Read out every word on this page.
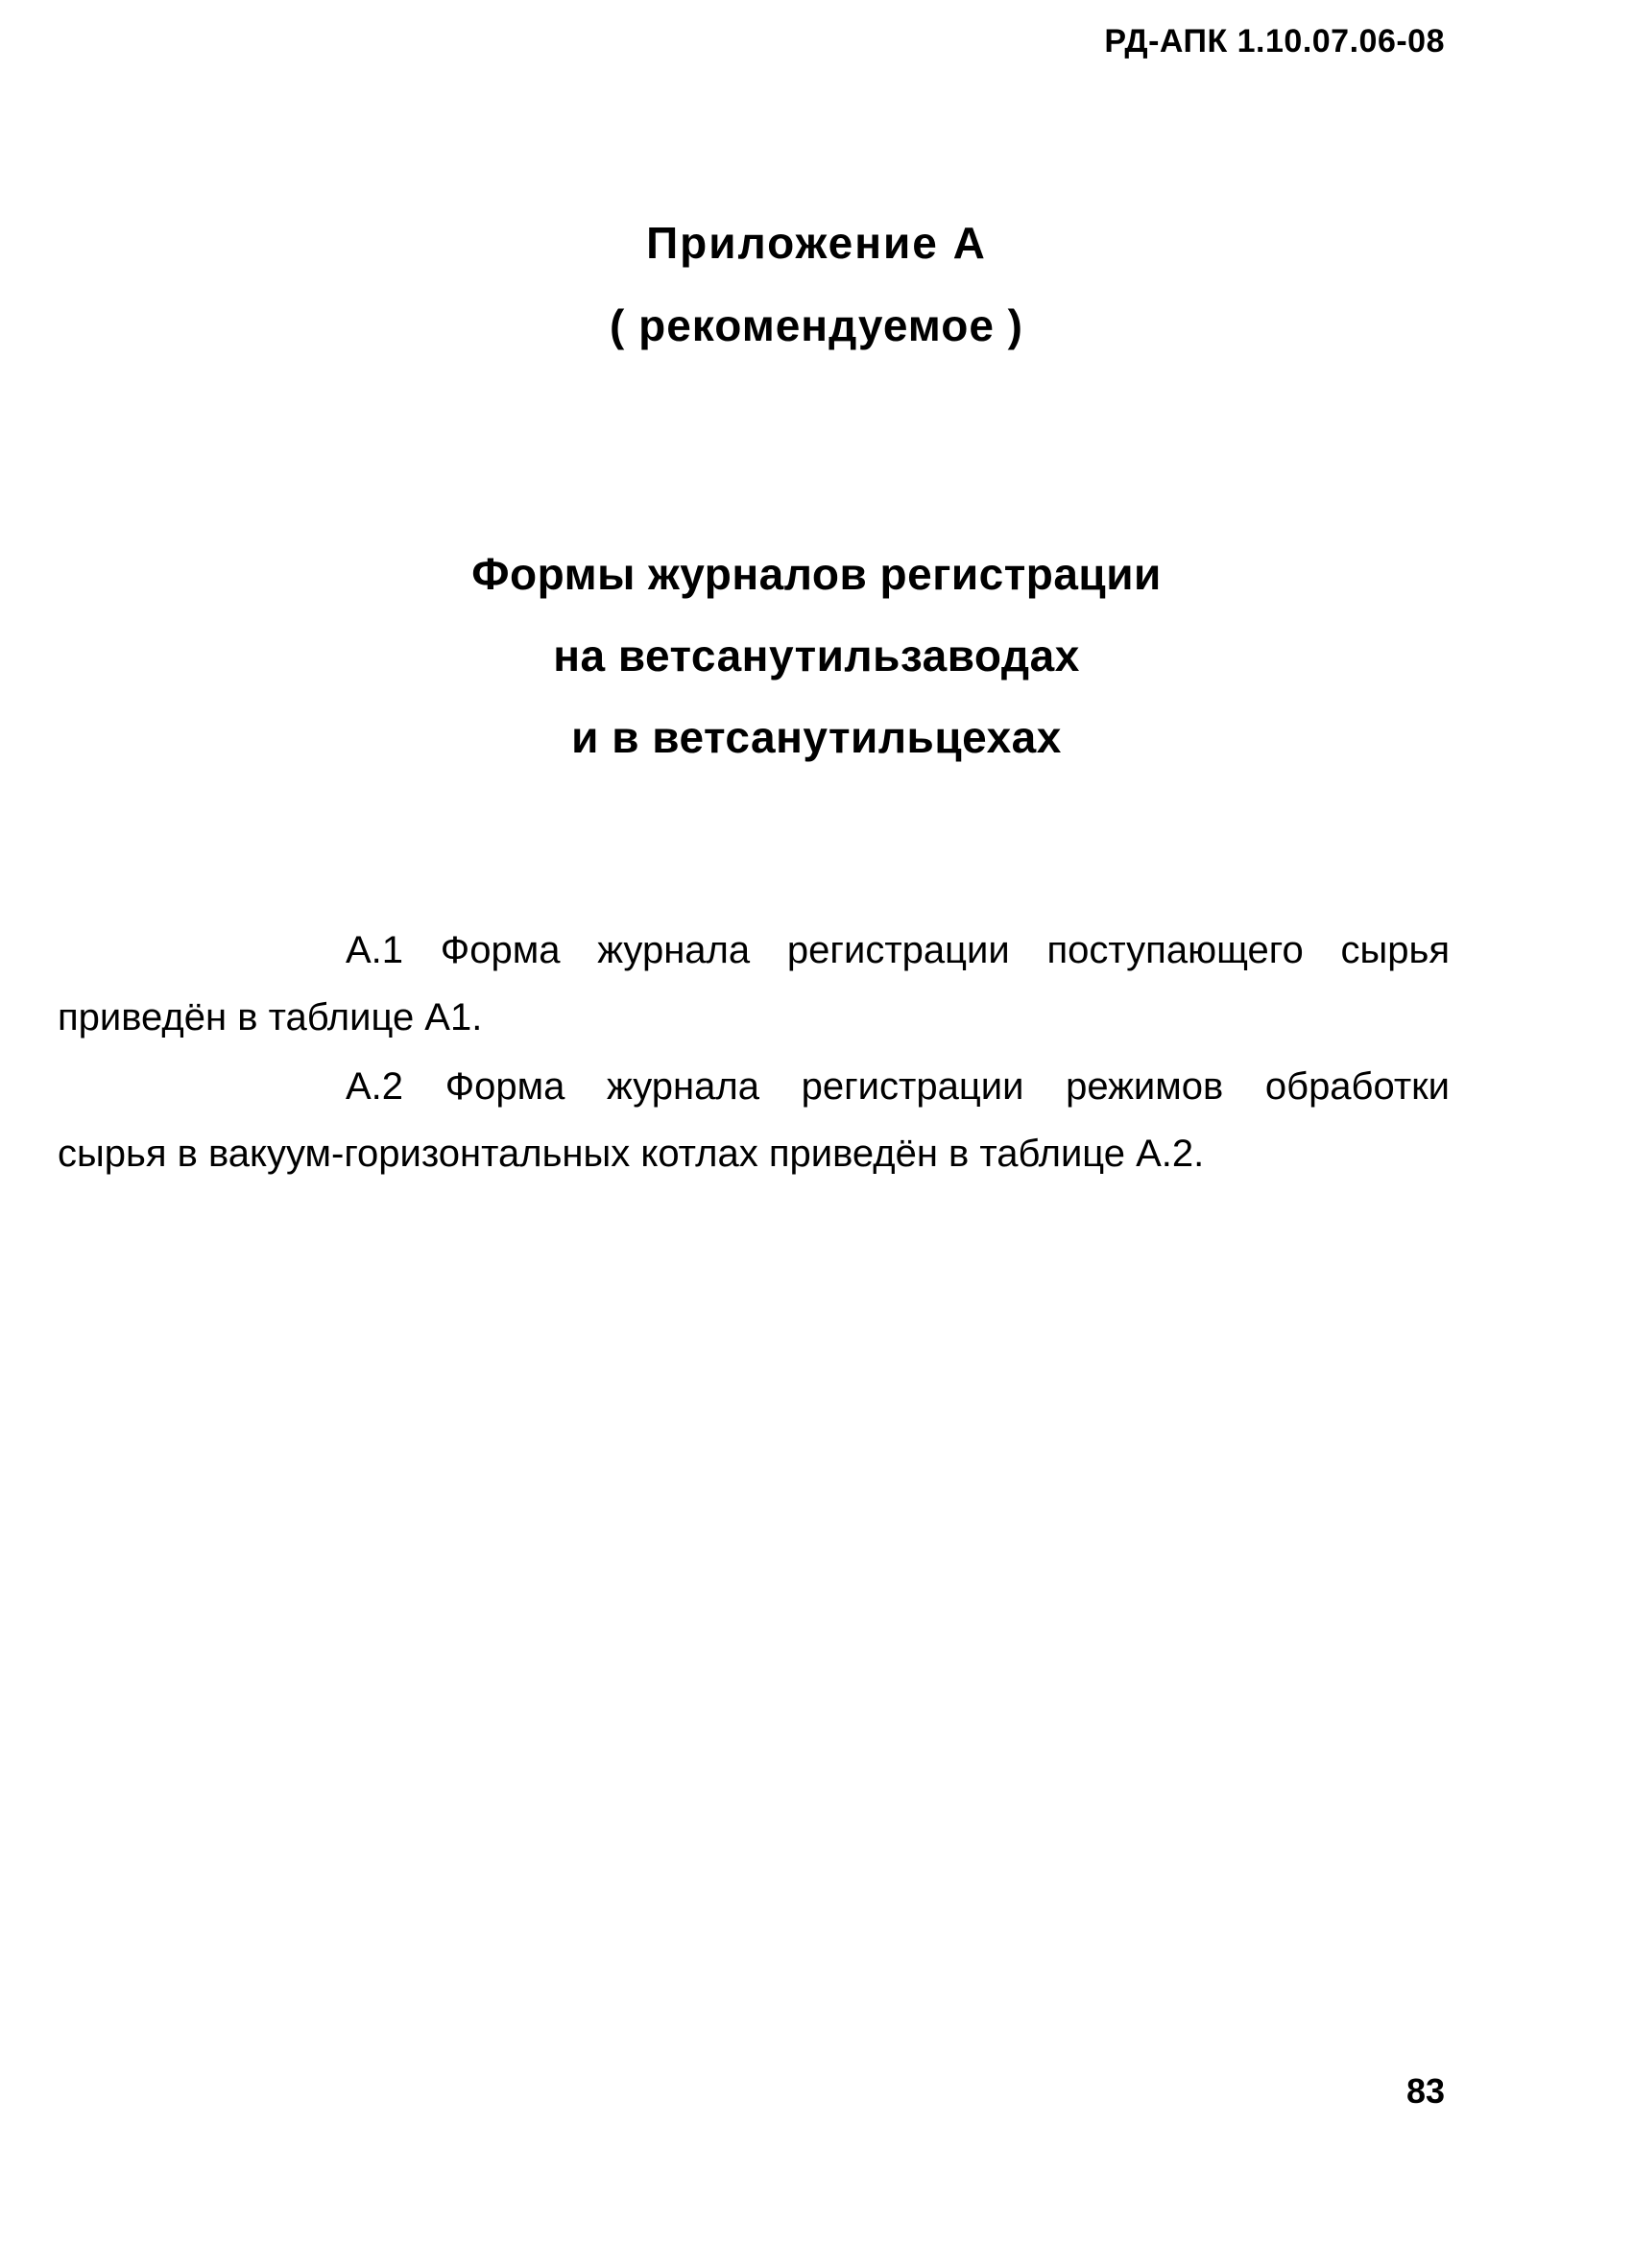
РД-АПК 1.10.07.06-08
Приложение А
( рекомендуемое )
Формы журналов регистрации
на ветсанутильзаводах
и в ветсанутильцехах
А.1 Форма журнала регистрации поступающего сырья
приведён в таблице А1.
А.2 Форма журнала регистрации режимов обработки
сырья в вакуум-горизонтальных котлах приведён в таблице А.2.
83
